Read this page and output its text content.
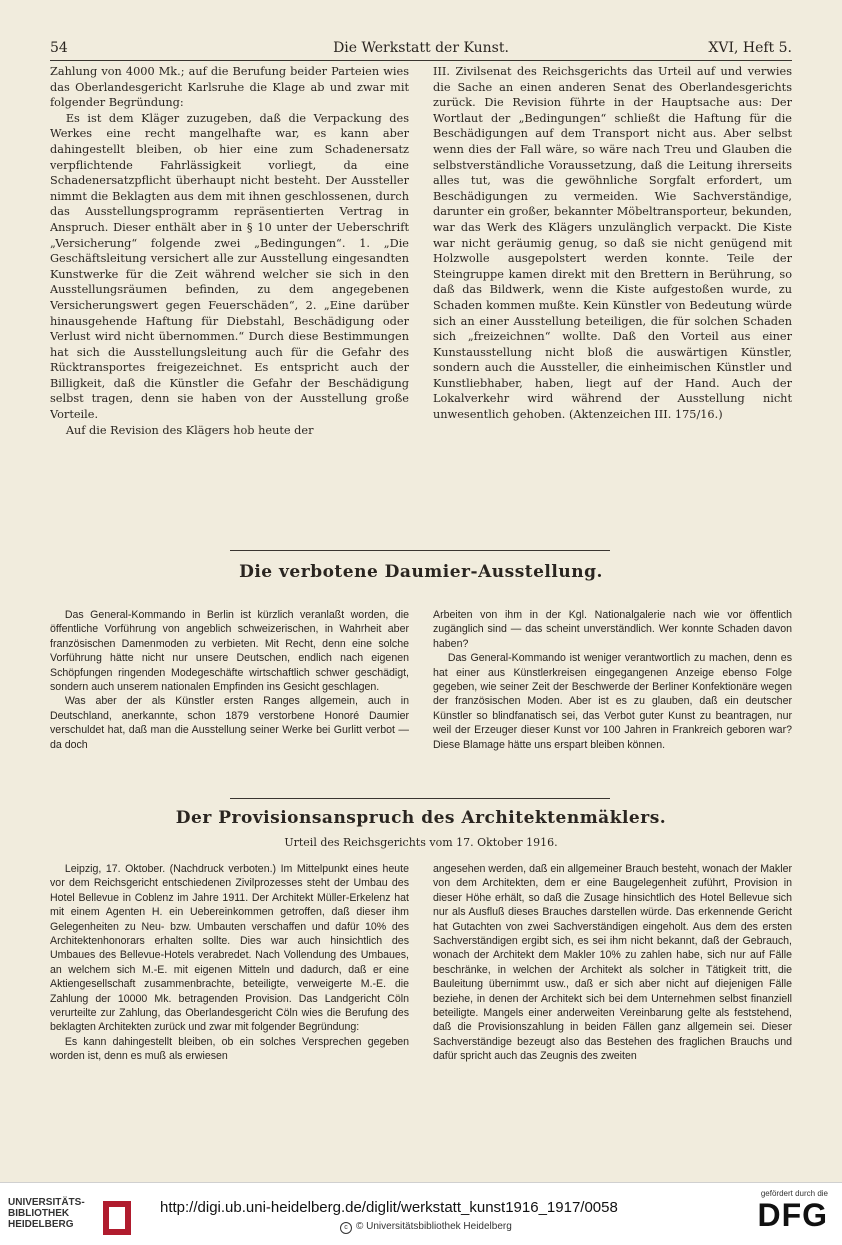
54	Die Werkstatt der Kunst.	XVI, Heft 5.

Zahlung von 4000 Mk.; auf die Berufung beider Parteien wies das Oberlandesgericht Karlsruhe die Klage ab und zwar mit folgender Begründung:

Es ist dem Kläger zuzugeben, daß die Verpackung des Werkes eine recht mangelhafte war, es kann aber dahingestellt bleiben, ob hier eine zum Schadenersatz verpflichtende Fahrlässigkeit vorliegt, da eine Schadenersatzpflicht überhaupt nicht besteht. Der Aussteller nimmt die Beklagten aus dem mit ihnen geschlossenen, durch das Ausstellungsprogramm repräsentierten Vertrag in Anspruch. Dieser enthält aber in § 10 unter der Ueberschrift „Versicherung“ folgende zwei „Bedingungen“. 1. „Die Geschäftsleitung versichert alle zur Ausstellung eingesandten Kunstwerke für die Zeit während welcher sie sich in den Ausstellungsräumen befinden, zu dem angegebenen Versicherungswert gegen Feuerschäden“, 2. „Eine darüber hinausgehende Haftung für Diebstahl, Beschädigung oder Verlust wird nicht übernommen.“ Durch diese Bestimmungen hat sich die Ausstellungsleitung auch für die Gefahr des Rücktransportes freigezeichnet. Es entspricht auch der Billigkeit, daß die Künstler die Gefahr der Beschädigung selbst tragen, denn sie haben von der Ausstellung große Vorteile.

Auf die Revision des Klägers hob heute der

III. Zivilsenat des Reichsgerichts das Urteil auf und verwies die Sache an einen anderen Senat des Oberlandesgerichts zurück. Die Revision führte in der Hauptsache aus: Der Wortlaut der „Bedingungen“ schließt die Haftung für die Beschädigungen auf dem Transport nicht aus. Aber selbst wenn dies der Fall wäre, so wäre nach Treu und Glauben die selbstverständliche Voraussetzung, daß die Leitung ihrerseits alles tut, was die gewöhnliche Sorgfalt erfordert, um Beschädigungen zu vermeiden. Wie Sachverständige, darunter ein großer, bekannter Möbeltransporteur, bekunden, war das Werk des Klägers unzulänglich verpackt. Die Kiste war nicht geräumig genug, so daß sie nicht genügend mit Holzwolle ausgepolstert werden konnte. Teile der Steingruppe kamen direkt mit den Brettern in Berührung, so daß das Bildwerk, wenn die Kiste aufgestoßen wurde, zu Schaden kommen mußte. Kein Künstler von Bedeutung würde sich an einer Ausstellung beteiligen, die für solchen Schaden sich „freizeichnen“ wollte. Daß den Vorteil aus einer Kunstausstellung nicht bloß die auswärtigen Künstler, sondern auch die Aussteller, die einheimischen Künstler und Kunstliebhaber, haben, liegt auf der Hand. Auch der Lokalverkehr wird während der Ausstellung nicht unwesentlich gehoben. (Aktenzeichen III. 175/16.)

Die verbotene Daumier-Ausstellung.

Das General-Kommando in Berlin ist kürzlich veranlaßt worden, die öffentliche Vorführung von angeblich schweizerischen, in Wahrheit aber französischen Damenmoden zu verbieten. Mit Recht, denn eine solche Vorführung hätte nicht nur unsere Deutschen, endlich nach eigenen Schöpfungen ringenden Modegeschäfte wirtschaftlich schwer geschädigt, sondern auch unserem nationalen Empfinden ins Gesicht geschlagen.

Was aber der als Künstler ersten Ranges allgemein, auch in Deutschland, anerkannte, schon 1879 verstorbene Honoré Daumier verschuldet hat, daß man die Ausstellung seiner Werke bei Gurlitt verbot — da doch

Arbeiten von ihm in der Kgl. Nationalgalerie nach wie vor öffentlich zugänglich sind — das scheint unverständlich. Wer konnte Schaden davon haben?

Das General-Kommando ist weniger verantwortlich zu machen, denn es hat einer aus Künstlerkreisen eingegangenen Anzeige ebenso Folge gegeben, wie seiner Zeit der Beschwerde der Berliner Konfektionäre wegen der französischen Moden. Aber ist es zu glauben, daß ein deutscher Künstler so blindfanatisch sei, das Verbot guter Kunst zu beantragen, nur weil der Erzeuger dieser Kunst vor 100 Jahren in Frankreich geboren war? Diese Blamage hätte uns erspart bleiben können.

Der Provisionsanspruch des Architektenmäklers.
Urteil des Reichsgerichts vom 17. Oktober 1916.

Leipzig, 17. Oktober. (Nachdruck verboten.) Im Mittelpunkt eines heute vor dem Reichsgericht entschiedenen Zivilprozesses steht der Umbau des Hotel Bellevue in Coblenz im Jahre 1911. Der Architekt Müller-Erkelenz hat mit einem Agenten H. ein Uebereinkommen getroffen, daß dieser ihm Gelegenheiten zu Neu- bzw. Umbauten verschaffen und dafür 10% des Architektenhonorars erhalten sollte. Dies war auch hinsichtlich des Umbaues des Bellevue-Hotels verabredet. Nach Vollendung des Umbaues, an welchem sich M.-E. mit eigenen Mitteln und dadurch, daß er eine Aktiengesellschaft zusammenbrachte, beteiligte, verweigerte M.-E. die Zahlung der 10000 Mk. betragenden Provision. Das Landgericht Cöln verurteilte zur Zahlung, das Oberlandesgericht Cöln wies die Berufung des beklagten Architekten zurück und zwar mit folgender Begründung:

Es kann dahingestellt bleiben, ob ein solches Versprechen gegeben worden ist, denn es muß als erwiesen

angesehen werden, daß ein allgemeiner Brauch besteht, wonach der Makler von dem Architekten, dem er eine Baugelegenheit zuführt, Provision in dieser Höhe erhält, so daß die Zusage hinsichtlich des Hotel Bellevue sich nur als Ausfluß dieses Brauches darstellen würde. Das erkennende Gericht hat Gutachten von zwei Sachverständigen eingeholt. Aus dem des ersten Sachverständigen ergibt sich, es sei ihm nicht bekannt, daß der Gebrauch, wonach der Architekt dem Makler 10% zu zahlen habe, sich nur auf Fälle beschränke, in welchen der Architekt als solcher in Tätigkeit tritt, die Bauleitung übernimmt usw., daß er sich aber nicht auf diejenigen Fälle beziehe, in denen der Architekt sich bei dem Unternehmen selbst finanziell beteiligte. Mangels einer anderweiten Vereinbarung gelte als feststehend, daß die Provisionszahlung in beiden Fällen ganz allgemein sei. Dieser Sachverständige bezeugt also das Bestehen des fraglichen Brauchs und dafür spricht auch das Zeugnis des zweiten

UNIVERSITÄTS-
BIBLIOTHEK
HEIDELBERG
http://digi.ub.uni-heidelberg.de/diglit/werkstatt_kunst1916_1917/0058
c © Universitätsbibliothek Heidelberg
gefördert durch die
DFG
